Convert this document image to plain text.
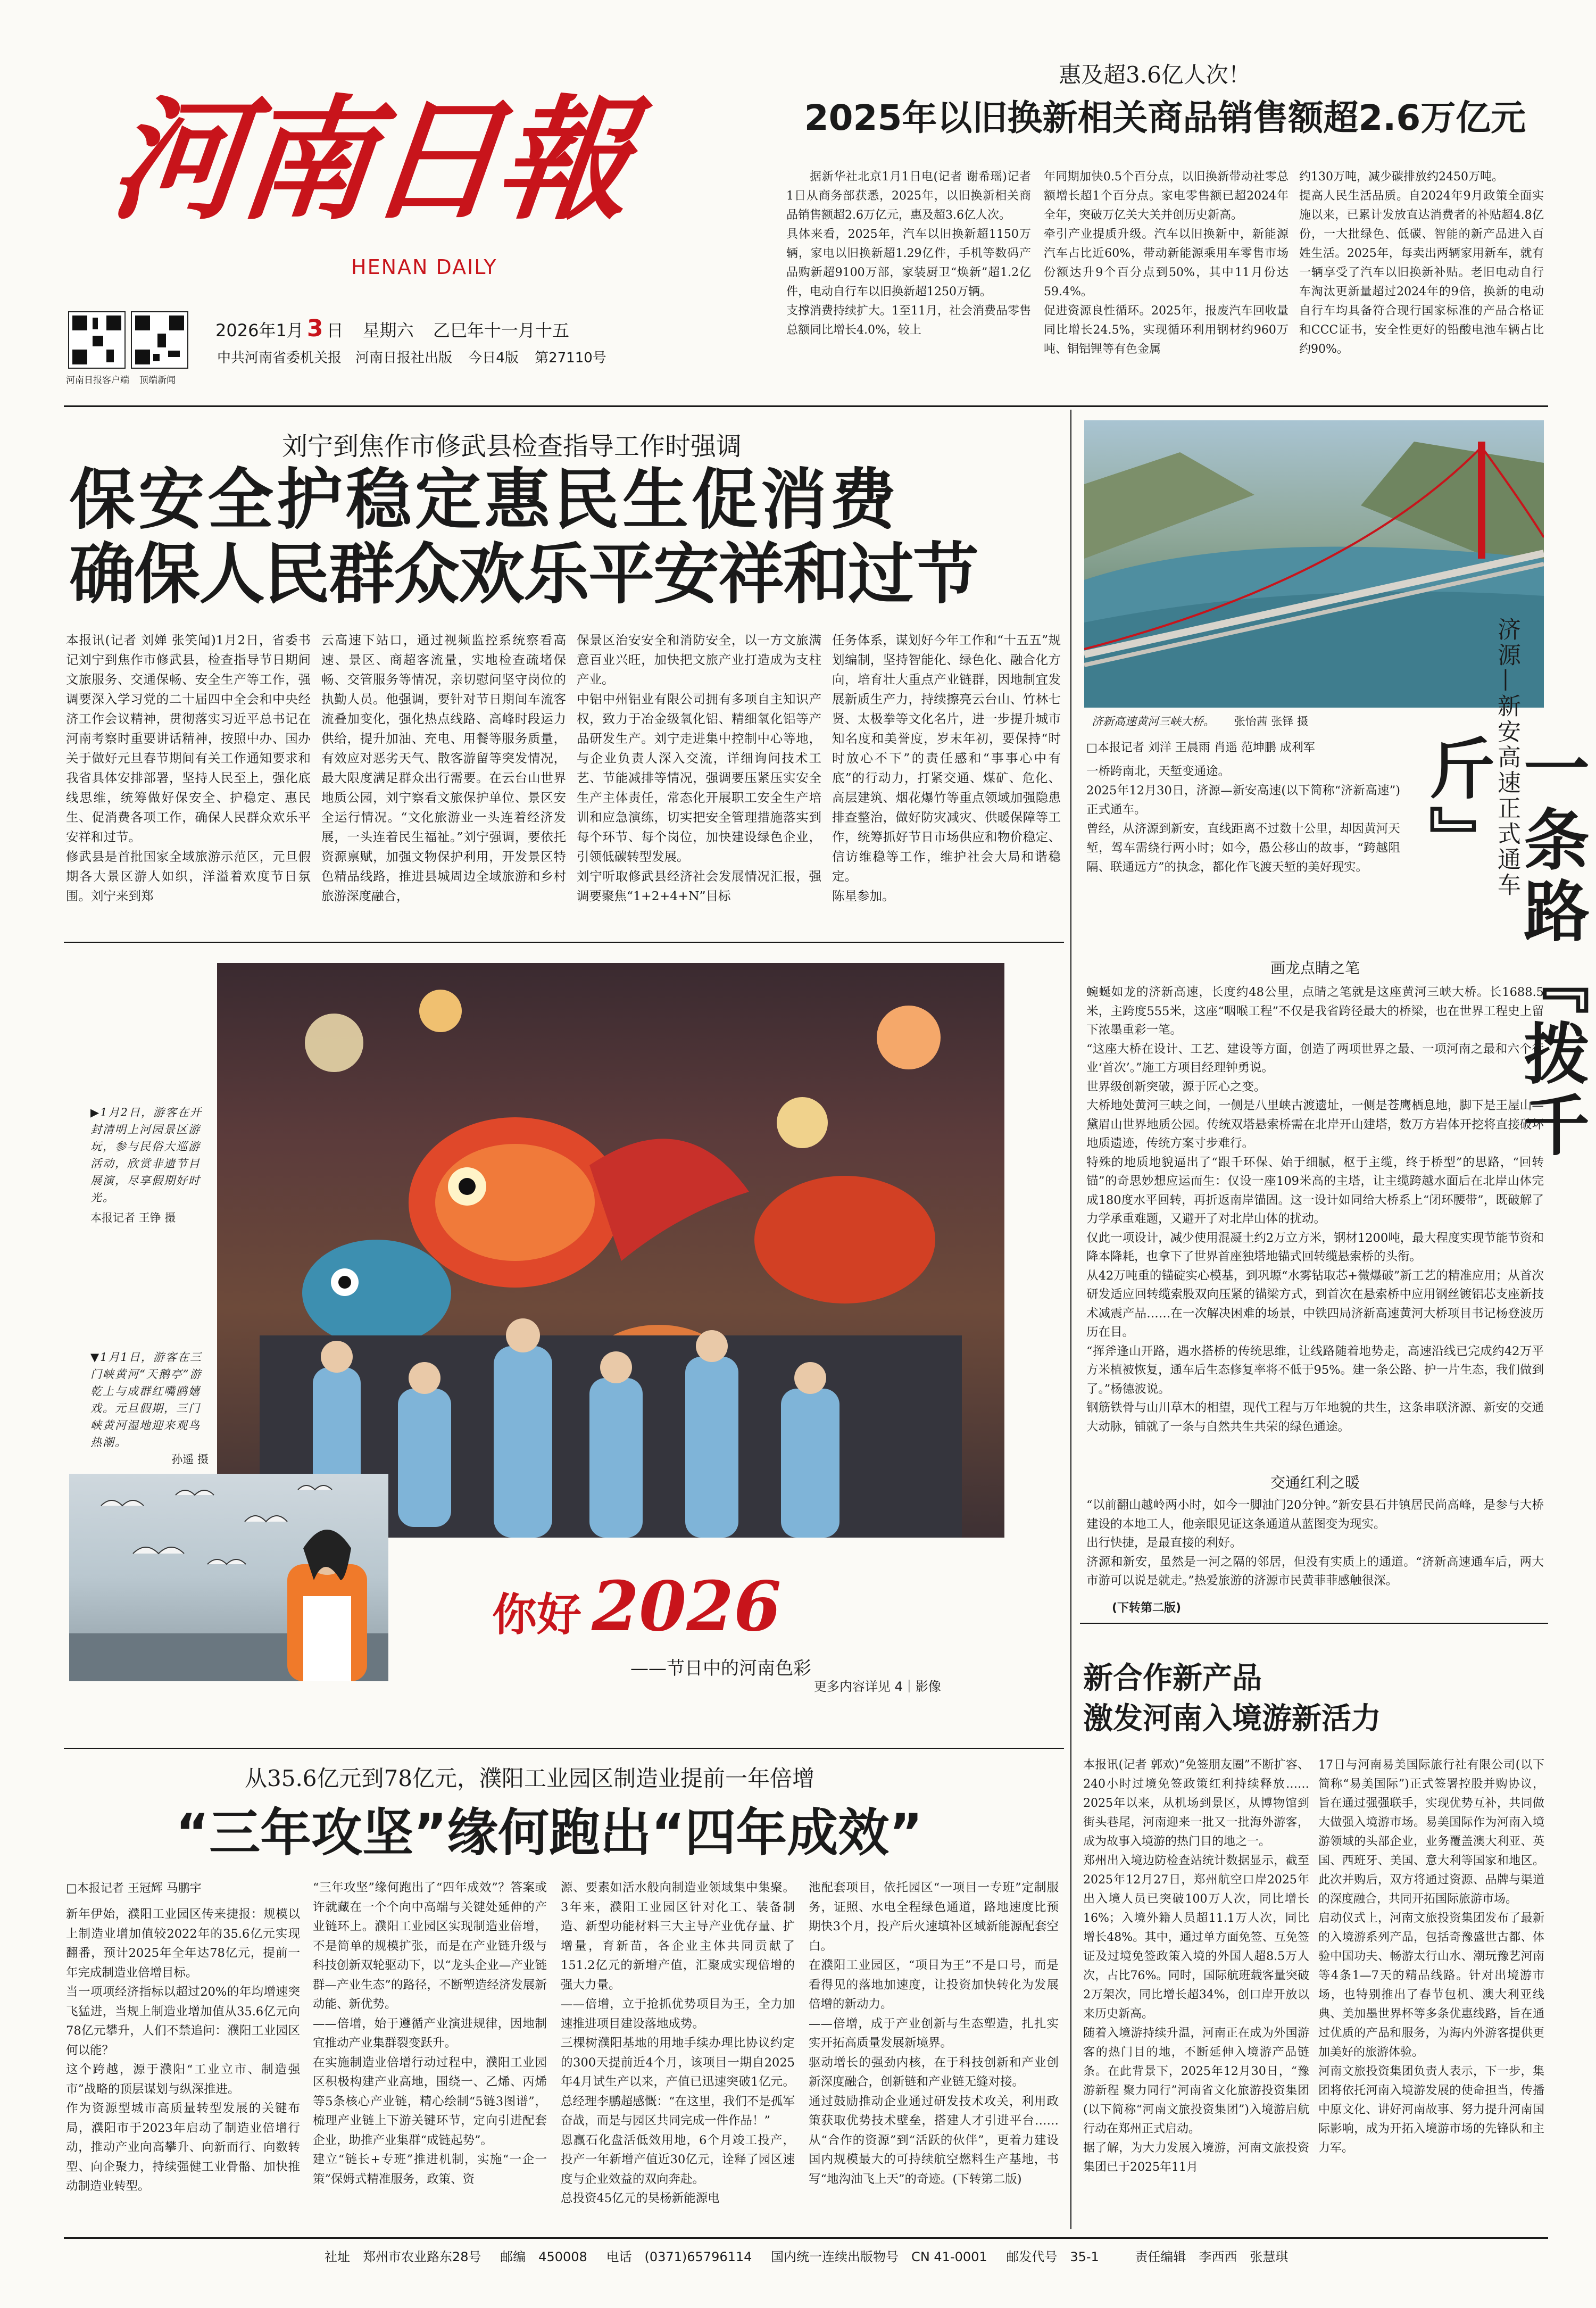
河南日報
HENAN DAILY
河南日报客户端 顶端新闻
2026年1月 3 日 星期六 乙巳年十一月十五
中共河南省委机关报　河南日报社出版 今日4版 第27110号
惠及超3.6亿人次！
2025年以旧换新相关商品销售额超2.6万亿元
据新华社北京1月1日电(记者 谢希瑶)记者1日从商务部获悉，2025年，以旧换新相关商品销售额超2.6万亿元，惠及超3.6亿人次。
具体来看，2025年，汽车以旧换新超1150万辆，家电以旧换新超1.29亿件，手机等数码产品购新超9100万部，家装厨卫“焕新”超1.2亿件，电动自行车以旧换新超1250万辆。
支撑消费持续扩大。1至11月，社会消费品零售总额同比增长4.0%，较上
年同期加快0.5个百分点，以旧换新带动社零总额增长超1个百分点。家电零售额已超2024年全年，突破万亿关大关并创历史新高。
牵引产业提质升级。汽车以旧换新中，新能源汽车占比近60%，带动新能源乘用车零售市场份额达升9个百分点到50%，其中11月份达59.4%。
促进资源良性循环。2025年，报废汽车回收量同比增长24.5%，实现循环利用钢材约960万吨、铜铝锂等有色金属
约130万吨，减少碳排放约2450万吨。
提高人民生活品质。自2024年9月政策全面实施以来，已累计发放直达消费者的补贴超4.8亿份，一大批绿色、低碳、智能的新产品进入百姓生活。2025年，每卖出两辆家用新车，就有一辆享受了汽车以旧换新补贴。老旧电动自行车淘汰更新量超过2024年的9倍，换新的电动自行车均具备符合现行国家标准的产品合格证和CCC证书，安全性更好的铅酸电池车辆占比约90%。
刘宁到焦作市修武县检查指导工作时强调
保安全护稳定惠民生促消费
确保人民群众欢乐平安祥和过节
本报讯(记者 刘婵 张笑闻)1月2日，省委书记刘宁到焦作市修武县，检查指导节日期间文旅服务、交通保畅、安全生产等工作，强调要深入学习党的二十届四中全会和中央经济工作会议精神，贯彻落实习近平总书记在河南考察时重要讲话精神，按照中办、国办关于做好元旦春节期间有关工作通知要求和我省具体安排部署，坚持人民至上，强化底线思维，统筹做好保安全、护稳定、惠民生、促消费各项工作，确保人民群众欢乐平安祥和过节。
修武县是首批国家全域旅游示范区，元旦假期各大景区游人如织，洋溢着欢度节日氛围。刘宁来到郑
云高速下站口，通过视频监控系统察看高速、景区、商超客流量，实地检查疏堵保畅、交管服务等情况，亲切慰问坚守岗位的执勤人员。他强调，要针对节日期间车流客流叠加变化，强化热点线路、高峰时段运力供给，提升加油、充电、用餐等服务质量，有效应对恶劣天气、散客游留等突发情况，最大限度满足群众出行需要。在云台山世界地质公园，刘宁察看文旅保护单位、景区安全运行情况。“文化旅游业一头连着经济发展，一头连着民生福祉。”刘宁强调，要依托资源禀赋，加强文物保护利用，开发景区特色精品线路，推进县城周边全域旅游和乡村旅游深度融合，
保景区治安安全和消防安全，以一方文旅满意百业兴旺，加快把文旅产业打造成为支柱产业。
中铝中州铝业有限公司拥有多项自主知识产权，致力于冶金级氧化铝、精细氧化铝等产品研发生产。刘宁走进集中控制中心等地，与企业负责人深入交流，详细询问技术工艺、节能减排等情况，强调要压紧压实安全生产主体责任，常态化开展职工安全生产培训和应急演练，切实把安全管理措施落实到每个环节、每个岗位，加快建设绿色企业，引领低碳转型发展。
刘宁听取修武县经济社会发展情况汇报，强调要聚焦“1+2+4+N”目标
任务体系，谋划好今年工作和“十五五”规划编制，坚持智能化、绿色化、融合化方向，培育壮大重点产业链群，因地制宜发展新质生产力，持续擦亮云台山、竹林七贤、太极拳等文化名片，进一步提升城市知名度和美誉度，岁末年初，要保持“时时放心不下”的责任感和“事事心中有底”的行动力，打紧交通、煤矿、危化、高层建筑、烟花爆竹等重点领域加强隐患排查整治，做好防灾减灾、供暖保障等工作，统筹抓好节日市场供应和物价稳定、信访维稳等工作，维护社会大局和谐稳定。
陈星参加。
▶1月2日，游客在开封清明上河园景区游玩，参与民俗大巡游活动，欣赏非遗节目展演，尽享假期好时光。
本报记者 王铮 摄
▼1月1日，游客在三门峡黄河“天鹅亭”游乾上与成群红嘴鸥嬉戏。元旦假期，三门峡黄河湿地迎来观鸟热潮。
孙遥 摄
你好 2026
——节日中的河南色彩
更多内容详见 4｜影像
济新高速黄河三峡大桥。 张怡茜 张铎 摄	济源—新安高速正式通车
一条路『拨千斤』
□本报记者 刘洋 王晨雨 肖遥 范坤鹏 成利军
一桥跨南北，天堑变通途。
2025年12月30日，济源—新安高速(以下简称“济新高速”)正式通车。
曾经，从济源到新安，直线距离不过数十公里，却因黄河天堑，驾车需绕行两小时；如今，愚公移山的故事，“跨越阻隔、联通远方”的执念，都化作飞渡天堑的美好现实。
画龙点睛之笔
蜿蜒如龙的济新高速，长度约48公里，点睛之笔就是这座黄河三峡大桥。长1688.5米，主跨度555米，这座“咽喉工程”不仅是我省跨径最大的桥梁，也在世界工程史上留下浓墨重彩一笔。
“这座大桥在设计、工艺、建设等方面，创造了两项世界之最、一项河南之最和六个行业‘首次’。”施工方项目经理钟勇说。
世界级创新突破，源于匠心之变。
大桥地处黄河三峡之间，一侧是八里峡古渡遗址，一侧是苍鹰栖息地，脚下是王屋山—黛眉山世界地质公园。传统双塔悬索桥需在北岸开山建塔，数万方岩体开挖将直接破坏地质遗迹，传统方案寸步难行。
特殊的地质地貌逼出了“跟千环保、始于细腻，枢于主缆，终于桥型”的思路，“回转锚”的奇思妙想应运而生：仅设一座109米高的主塔，让主缆跨越水面后在北岸山体完成180度水平回转，再折返南岸锚固。这一设计如同给大桥系上“闭环腰带”，既破解了力学承重难题，又避开了对北岸山体的扰动。
仅此一项设计，减少使用混凝土约2万立方米，钢材1200吨，最大程度实现节能节资和降本降耗，也拿下了世界首座独塔地锚式回转缆悬索桥的头衔。
从42万吨重的锚碇实心模基，到巩塬“水雾钻取芯+微爆破”新工艺的精准应用；从首次研发适应回转缆索股双向压紧的锚梁方式，到首次在悬索桥中应用钢丝镀铝芯支座新技术减震产品……在一次解决困难的场景，中铁四局济新高速黄河大桥项目书记杨登波历历在目。
“挥斧逢山开路，遇水搭桥的传统思维，让线路随着地势走，高速沿线已完成约42万平方米植被恢复，通车后生态修复率将不低于95%。建一条公路、护一片生态，我们做到了。”杨德波说。
钢筋铁骨与山川草木的相望，现代工程与万年地貌的共生，这条串联济源、新安的交通大动脉，铺就了一条与自然共生共荣的绿色通途。
交通红利之暖
“以前翻山越岭两小时，如今一脚油门20分钟。”新安县石井镇居民尚高峰，是参与大桥建设的本地工人，他亲眼见证这条通道从蓝图变为现实。
出行快捷，是最直接的利好。
济源和新安，虽然是一河之隔的邻居，但没有实质上的通道。“济新高速通车后，两大市游可以说是就走。”热爱旅游的济源市民黄菲菲感触很深。
(下转第二版)
新合作新产品
激发河南入境游新活力
本报讯(记者 郭欢)“免签朋友圈”不断扩容、240小时过境免签政策红利持续释放……2025年以来，从机场到景区，从博物馆到街头巷尾，河南迎来一批又一批海外游客，成为故事入境游的热门目的地之一。
郑州出入境边防检查站统计数据显示，截至2025年12月27日，郑州航空口岸2025年出入境人员已突破100万人次，同比增长16%；入境外籍人员超11.1万人次，同比增长48%。其中，通过单方面免签、互免签证及过境免签政策入境的外国人超8.5万人次，占比76%。同时，国际航班载客量突破2万架次，同比增长超34%，创口岸开放以来历史新高。
随着入境游持续升温，河南正在成为外国游客的热门目的地，不断延伸入境游产品链条。在此背景下，2025年12月30日，“豫游新程 聚力同行”河南省文化旅游投资集团(以下简称“河南文旅投资集团”)入境游启航行动在郑州正式启动。
据了解，为大力发展入境游，河南文旅投资集团已于2025年11月
17日与河南易美国际旅行社有限公司(以下简称“易美国际”)正式签署控股并购协议，旨在通过强强联手，实现优势互补，共同做大做强入境游市场。易美国际作为河南入境游领域的头部企业，业务覆盖澳大利亚、英国、西班牙、美国、意大利等国家和地区。此次并购后，双方将通过资源、品牌与渠道的深度融合，共同开拓国际旅游市场。
启动仪式上，河南文旅投资集团发布了最新的入境游系列产品，包括奇豫盛世古都、体验中国功夫、畅游太行山水、潮玩豫艺河南等4条1—7天的精品线路。针对出境游市场，也特别推出了春节包机、澳大利亚线典、美加墨世界杯等多条优惠线路，旨在通过优质的产品和服务，为海内外游客提供更加美好的旅游体验。
河南文旅投资集团负责人表示，下一步，集团将依托河南入境游发展的使命担当，传播中原文化、讲好河南故事、努力提升河南国际影响，成为开拓入境游市场的先锋队和主力军。
从35.6亿元到78亿元，濮阳工业园区制造业提前一年倍增
“三年攻坚”缘何跑出“四年成效”
□本报记者 王冠辉 马鹏宇
新年伊始，濮阳工业园区传来捷报：规模以上制造业增加值较2022年的35.6亿元实现翻番，预计2025年全年达78亿元，提前一年完成制造业倍增目标。
当一项项经济指标以超过20%的年均增速突飞猛进，当规上制造业增加值从35.6亿元向78亿元攀升，人们不禁追问：濮阳工业园区何以能？
这个跨越，源于濮阳“工业立市、制造强市”战略的顶层谋划与纵深推进。
作为资源型城市高质量转型发展的关键布局，濮阳市于2023年启动了制造业倍增行动，推动产业向高攀升、向新而行、向数转型、向企聚力，持续强健工业骨骼、加快推动制造业转型。
“三年攻坚”缘何跑出了“四年成效”？答案或许就藏在一个个向中高端与关键处延伸的产业链环上。濮阳工业园区实现制造业倍增，不是简单的规模扩张，而是在产业链升级与科技创新双轮驱动下，以“龙头企业—产业链群—产业生态”的路径，不断塑造经济发展新动能、新优势。
——倍增，始于遵循产业演进规律，因地制宜推动产业集群裂变跃升。
在实施制造业倍增行动过程中，濮阳工业园区积极构建产业高地，围绕一、乙烯、丙烯等5条核心产业链，精心绘制“5链3图谱”，梳理产业链上下游关键环节，定向引进配套企业，助推产业集群“成链起势”。
建立“链长+专班”推进机制，实施“一企一策”保姆式精准服务，政策、资
源、要素如活水般向制造业领域集中集聚。3年来，濮阳工业园区针对化工、装备制造、新型功能材料三大主导产业优存量、扩增量，育新苗，各企业主体共同贡献了151.2亿元的新增产值，汇聚成实现倍增的强大力量。
——倍增，立于抢抓优势项目为王，全力加速推进项目建设落地成势。
三棵树濮阳基地的用地手续办理比协议约定的300天提前近4个月，该项目一期自2025年4月试生产以来，产值已迅速突破1亿元。总经理李鹏超感慨：“在这里，我们不是孤军奋战，而是与园区共同完成一件作品！”
恩赢石化盘活低效用地，6个月竣工投产，投产一年新增产值近30亿元，诠释了园区速度与企业效益的双向奔赴。
总投资45亿元的昊杨新能源电
池配套项目，依托园区“一项目一专班”定制服务，证照、水电全程绿色通道，路地速度比预期快3个月，投产后火速填补区域新能源配套空白。
在濮阳工业园区，“项目为王”不是口号，而是看得见的落地加速度，让投资加快转化为发展倍增的新动力。
——倍增，成于产业创新与生态塑造，扎扎实实开拓高质量发展新境界。
驱动增长的强劲内核，在于科技创新和产业创新深度融合，创新链和产业链无缝对接。
通过鼓励推动企业通过研发技术攻关，利用政策获取优势技术壁垒，搭建人才引进平台……从“合作的资源”到“活跃的伙伴”，更着力建设国内规模最大的可持续航空燃料生产基地，书写“地沟油飞上天”的奇迹。(下转第二版)
社址　郑州市农业路东28号 邮编　450008 电话　(0371)65796114 国内统一连续出版物号　CN 41-0001 邮发代号　35-1	责任编辑　李西西　张慧琪
